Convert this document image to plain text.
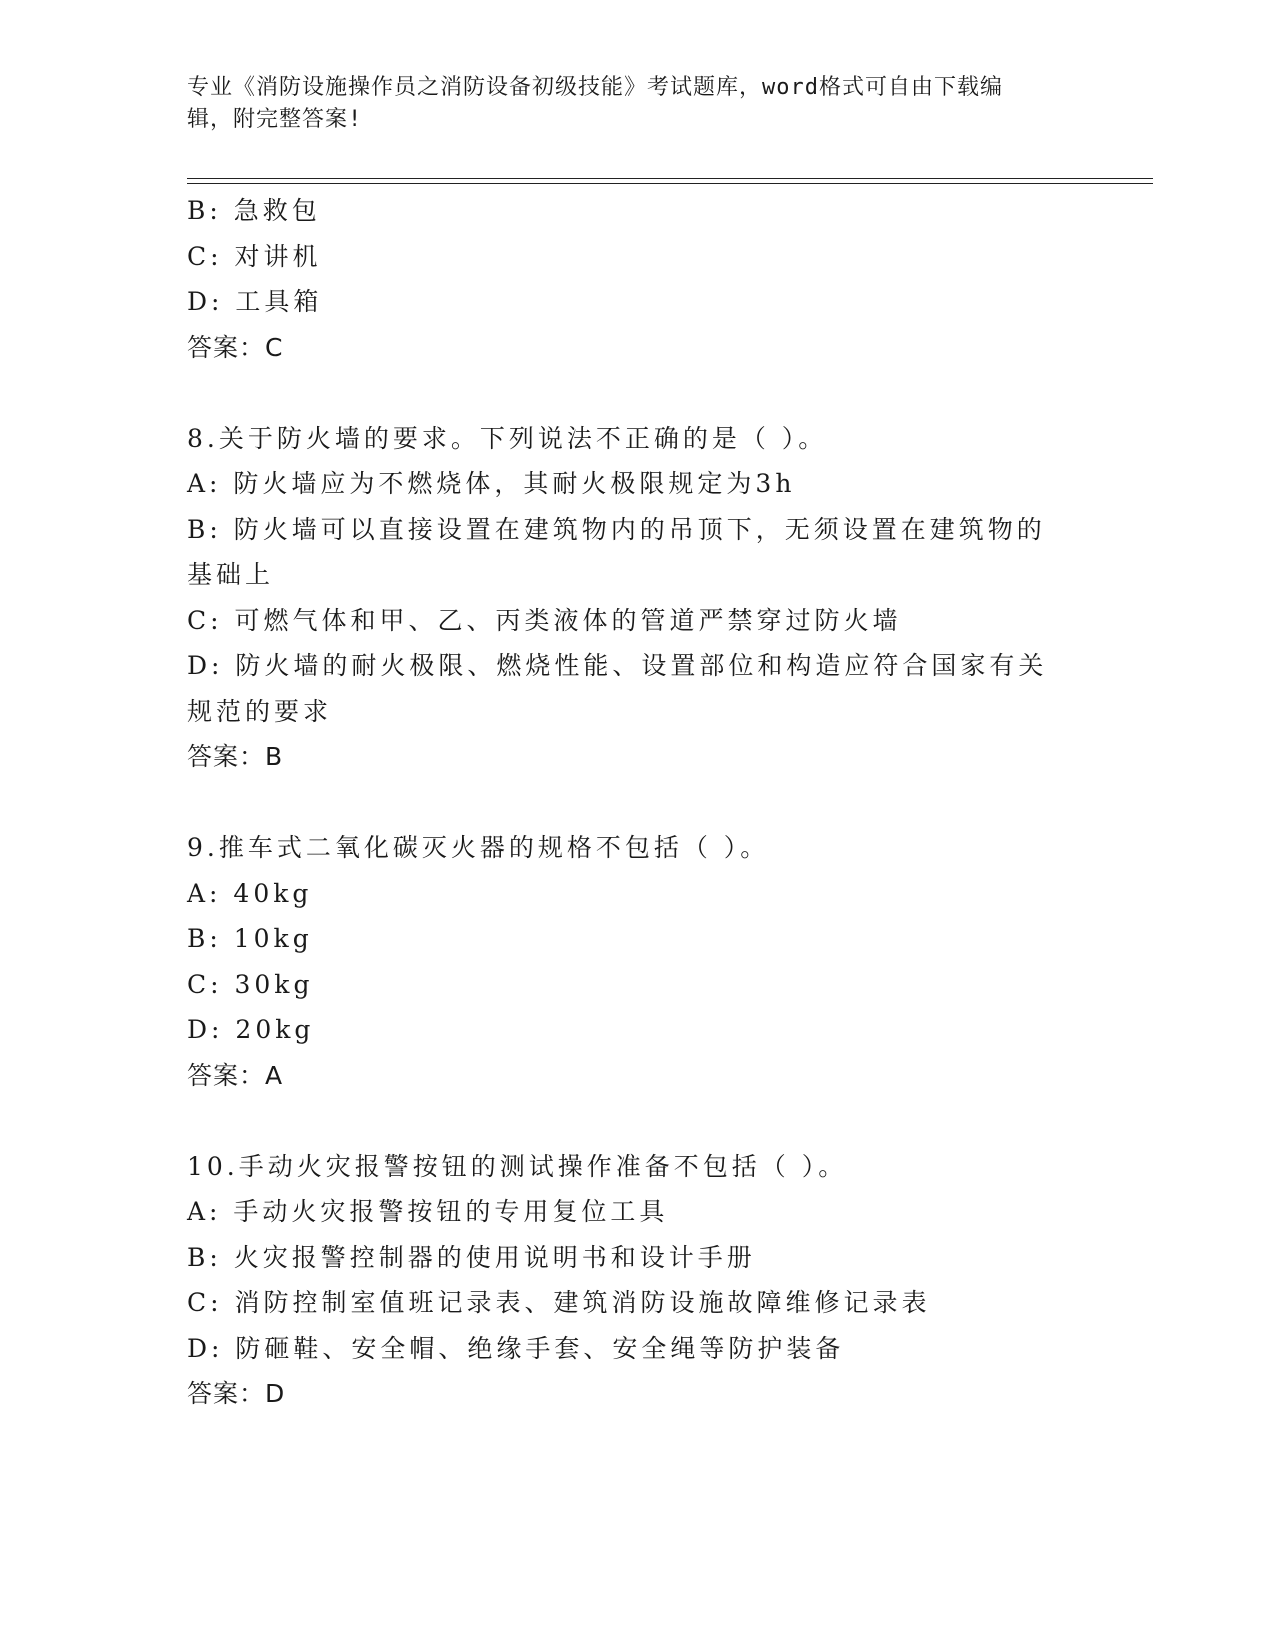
专业《消防设施操作员之消防设备初级技能》考试题库，word格式可自由下载编
辑，附完整答案!
B: 急救包
C: 对讲机
D: 工具箱
答案：C
8.关于防火墙的要求。下列说法不正确的是（ ）。
A: 防火墙应为不燃烧体，其耐火极限规定为3h
B: 防火墙可以直接设置在建筑物内的吊顶下，无须设置在建筑物的基础上
C: 可燃气体和甲、乙、丙类液体的管道严禁穿过防火墙
D: 防火墙的耐火极限、燃烧性能、设置部位和构造应符合国家有关规范的要求
答案：B
9.推车式二氧化碳灭火器的规格不包括（ ）。
A: 40kg
B: 10kg
C: 30kg
D: 20kg
答案：A
10.手动火灾报警按钮的测试操作准备不包括（ ）。
A: 手动火灾报警按钮的专用复位工具
B: 火灾报警控制器的使用说明书和设计手册
C: 消防控制室值班记录表、建筑消防设施故障维修记录表
D: 防砸鞋、安全帽、绝缘手套、安全绳等防护装备
答案：D
